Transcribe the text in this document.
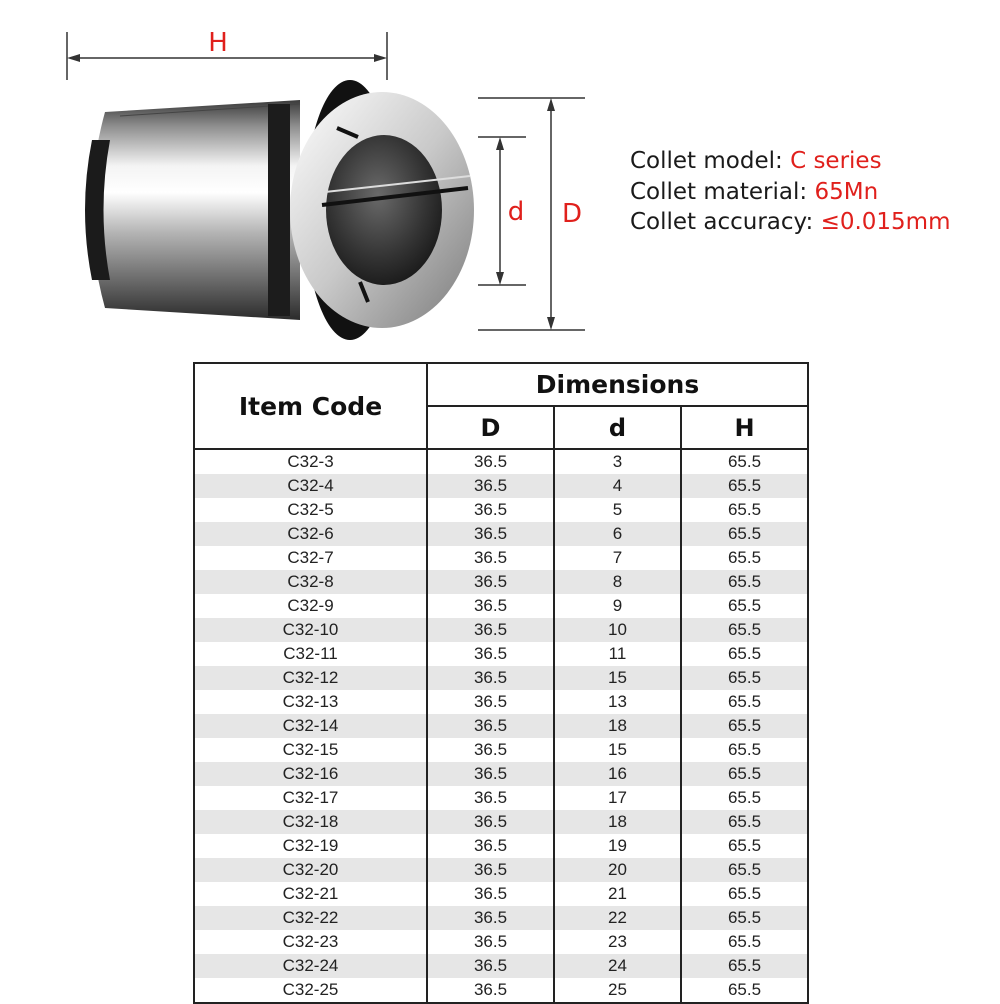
H
d D
Collet model: C series
Collet material: 65Mn
Collet accuracy: ≤0.015mm
Item Code	Dimensions		
	D	d	H
C32-3	36.5	3	65.5
C32-4	36.5	4	65.5
C32-5	36.5	5	65.5
C32-6	36.5	6	65.5
C32-7	36.5	7	65.5
C32-8	36.5	8	65.5
C32-9	36.5	9	65.5
C32-10	36.5	10	65.5
C32-11	36.5	11	65.5
C32-12	36.5	15	65.5
C32-13	36.5	13	65.5
C32-14	36.5	18	65.5
C32-15	36.5	15	65.5
C32-16	36.5	16	65.5
C32-17	36.5	17	65.5
C32-18	36.5	18	65.5
C32-19	36.5	19	65.5
C32-20	36.5	20	65.5
C32-21	36.5	21	65.5
C32-22	36.5	22	65.5
C32-23	36.5	23	65.5
C32-24	36.5	24	65.5
C32-25	36.5	25	65.5
